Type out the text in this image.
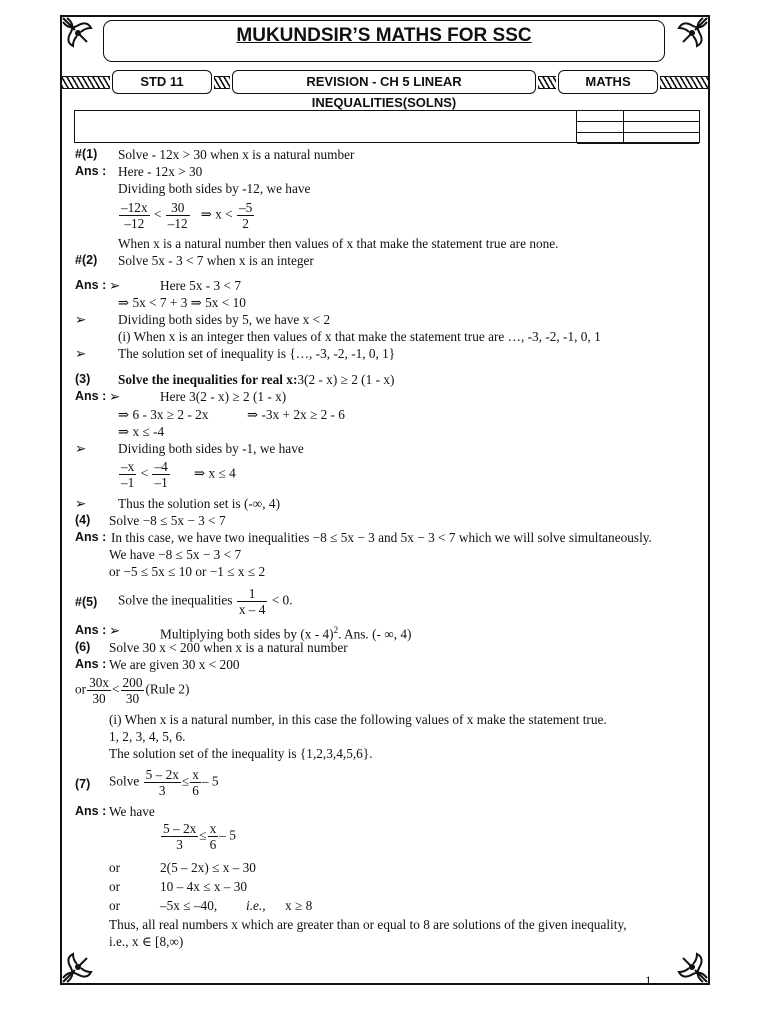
MUKUNDSIR’S MATHS FOR SSC
STD 11	REVISION - CH 5 LINEAR INEQUALITIES(SOLNS)
MATHS
#(1) Solve - 12x > 30 when x is a natural number
Ans : Here - 12x > 30
Dividing both sides by -12, we have
$\frac{-12x}{-12} < \frac{30}{-12}$ ⇒ $x < \frac{-5}{2}$
When x is a natural number then values of x that make the statement true are none.
#(2) Solve 5x - 3 < 7 when x is an integer
Ans : ➢	Here 5x - 3 < 7
⇒ 5x < 7 + 3 ⇒ 5x < 10
➢ Dividing both sides by 5, we have x < 2
(i) When x is an integer then values of x that make the statement true are …, -3, -2, -1, 0, 1
➢ The solution set of inequality is {…, -3, -2, -1, 0, 1}
(3) Solve the inequalities for real x:3(2 - x) ≥ 2 (1 - x)
Ans : ➢	Here 3(2 - x) ≥ 2 (1 - x)
⇒ 6 - 3x ≥ 2 - 2x	⇒ -3x + 2x ≥ 2 - 6
⇒ x ≤ -4
➢ Dividing both sides by -1, we have
$\frac{-x}{-1} < \frac{-4}{-1}$ ⇒ x ≤ 4
➢ Thus the solution set is (-∞, 4)
(4) Solve −8 ≤ 5x − 3 < 7
Ans : In this case, we have two inequalities −8 ≤ 5x − 3 and 5x − 3 < 7 which we will solve simultaneously.
We have −8 ≤ 5x − 3 < 7
or −5 ≤ 5x ≤ 10 or −1 ≤ x ≤ 2
#(5) Solve the inequalities $\frac{1}{x - 4} < 0$.
Ans : ➢	Multiplying both sides by (x - 4)$^2$. Ans. (- ∞, 4)
(6) Solve 30 x < 200 when x is a natural number
Ans : We are given 30 x < 200
or $\frac{30x}{30} < \frac{200}{30}$ (Rule 2)
(i) When x is a natural number, in this case the following values of x make the statement true.
1, 2, 3, 4, 5, 6.
The solution set of the inequality is {1,2,3,4,5,6}.
(7) Solve $\frac{5 - 2x}{3} \le \frac{x}{6} - 5$
Ans : We have
$\frac{5 - 2x}{3} \le \frac{x}{6} - 5$
or	2(5 – 2x) ≤ x – 30
or	10 – 4x ≤ x – 30
or	–5x ≤ –40, i.e., x ≥ 8
Thus, all real numbers x which are greater than or equal to 8 are solutions of the given inequality,
i.e., x ∈ [8,∞)
1
